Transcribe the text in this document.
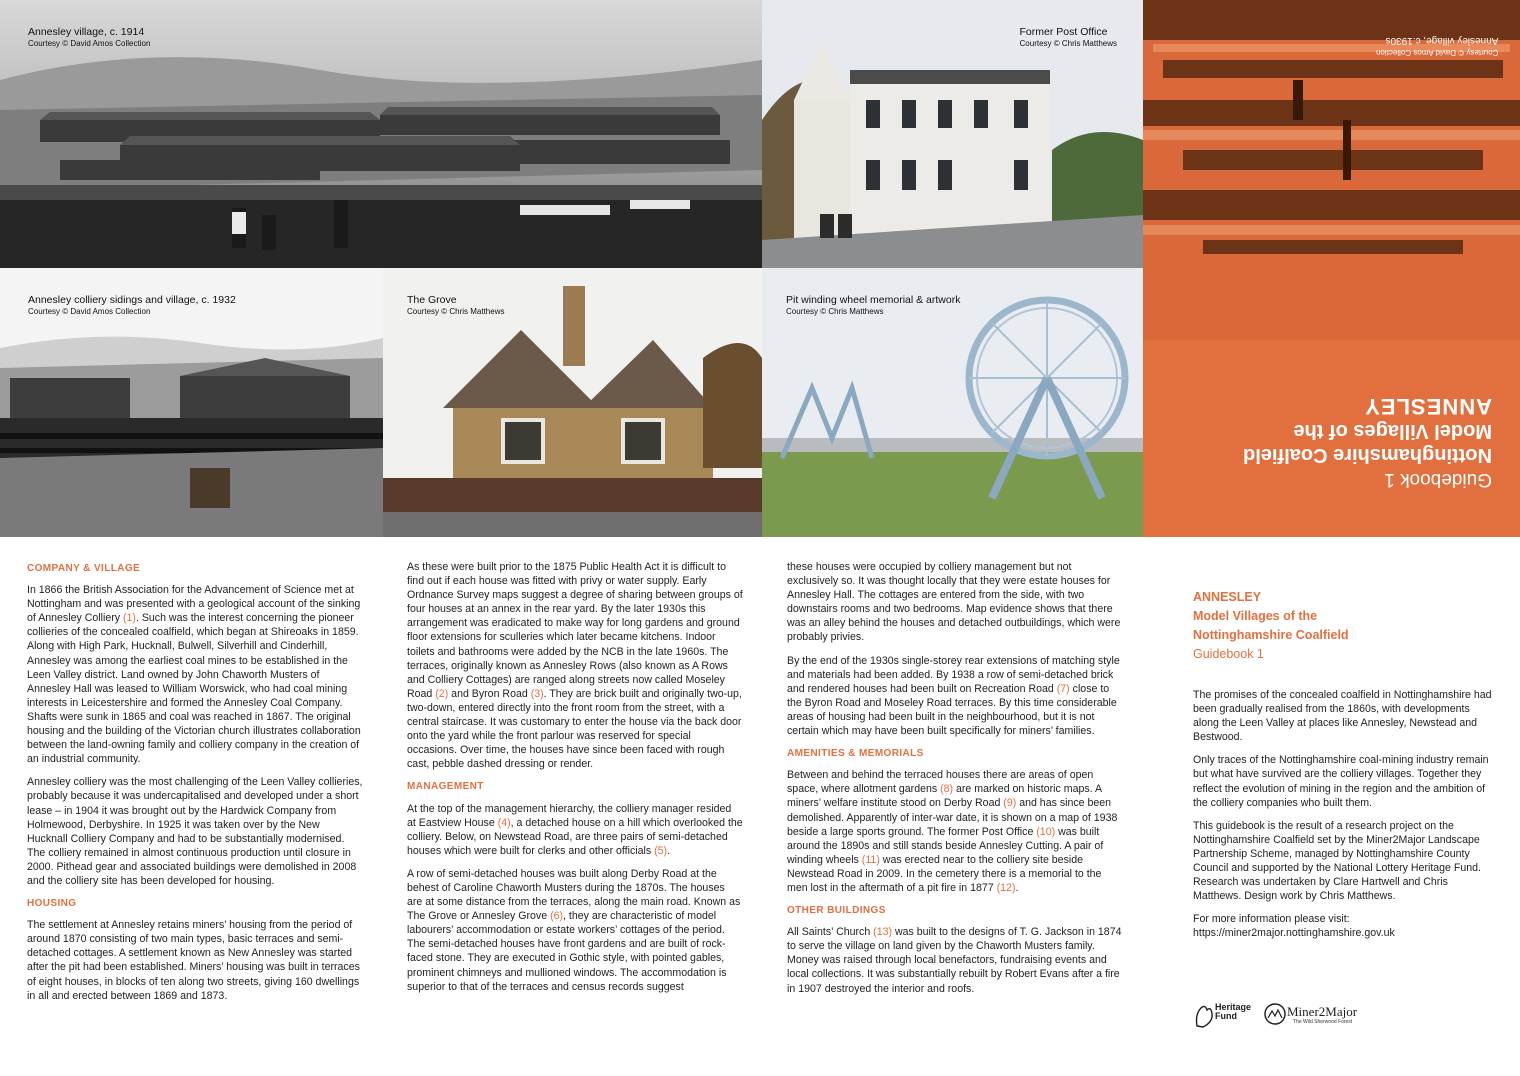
Annesley village, c. 1914
Courtesy © David Amos Collection
Former Post Office
Courtesy © Chris Matthews
Courtesy © David Amos Collection
Annesley village, c.1930s
Guidebook 1
Nottinghamshire Coalfield
Model Villages of the
ANNESLEY
Annesley colliery sidings and village, c. 1932
Courtesy © David Amos Collection
The Grove
Courtesy © Chris Matthews
Pit winding wheel memorial & artwork
Courtesy © Chris Matthews
COMPANY & VILLAGE

In 1866 the British Association for the Advancement of Science met at Nottingham and was presented with a geological account of the sinking of Annesley Colliery (1). Such was the interest concerning the pioneer collieries of the concealed coalfield, which began at Shireoaks in 1859. Along with High Park, Hucknall, Bulwell, Silverhill and Cinderhill, Annesley was among the earliest coal mines to be established in the Leen Valley district. Land owned by John Chaworth Musters of Annesley Hall was leased to William Worswick, who had coal mining interests in Leicestershire and formed the Annesley Coal Company. Shafts were sunk in 1865 and coal was reached in 1867. The original housing and the building of the Victorian church illustrates collaboration between the land-owning family and colliery company in the creation of an industrial community.

Annesley colliery was the most challenging of the Leen Valley collieries, probably because it was undercapitalised and developed under a short lease – in 1904 it was brought out by the Hardwick Company from Holmewood, Derbyshire. In 1925 it was taken over by the New Hucknall Colliery Company and had to be substantially modernised. The colliery remained in almost continuous production until closure in 2000. Pithead gear and associated buildings were demolished in 2008 and the colliery site has been developed for housing.

HOUSING

The settlement at Annesley retains miners’ housing from the period of around 1870 consisting of two main types, basic terraces and semi-detached cottages. A settlement known as New Annesley was started after the pit had been established. Miners’ housing was built in terraces of eight houses, in blocks of ten along two streets, giving 160 dwellings in all and erected between 1869 and 1873.

As these were built prior to the 1875 Public Health Act it is difficult to find out if each house was fitted with privy or water supply. Early Ordnance Survey maps suggest a degree of sharing between groups of four houses at an annex in the rear yard. By the later 1930s this arrangement was eradicated to make way for long gardens and ground floor extensions for sculleries which later became kitchens. Indoor toilets and bathrooms were added by the NCB in the late 1960s. The terraces, originally known as Annesley Rows (also known as A Rows and Colliery Cottages) are ranged along streets now called Moseley Road (2) and Byron Road (3). They are brick built and originally two-up, two-down, entered directly into the front room from the street, with a central staircase. It was customary to enter the house via the back door onto the yard while the front parlour was reserved for special occasions. Over time, the houses have since been faced with rough cast, pebble dashed dressing or render.

MANAGEMENT

At the top of the management hierarchy, the colliery manager resided at Eastview House (4), a detached house on a hill which overlooked the colliery. Below, on Newstead Road, are three pairs of semi-detached houses which were built for clerks and other officials (5).

A row of semi-detached houses was built along Derby Road at the behest of Caroline Chaworth Musters during the 1870s. The houses are at some distance from the terraces, along the main road. Known as The Grove or Annesley Grove (6), they are characteristic of model labourers’ accommodation or estate workers’ cottages of the period. The semi-detached houses have front gardens and are built of rock-faced stone. They are executed in Gothic style, with pointed gables, prominent chimneys and mullioned windows. The accommodation is superior to that of the terraces and census records suggest

these houses were occupied by colliery management but not exclusively so. It was thought locally that they were estate houses for Annesley Hall. The cottages are entered from the side, with two downstairs rooms and two bedrooms. Map evidence shows that there was an alley behind the houses and detached outbuildings, which were probably privies.

By the end of the 1930s single-storey rear extensions of matching style and materials had been added. By 1938 a row of semi-detached brick and rendered houses had been built on Recreation Road (7) close to the Byron Road and Moseley Road terraces. By this time considerable areas of housing had been built in the neighbourhood, but it is not certain which may have been built specifically for miners’ families.

AMENITIES & MEMORIALS

Between and behind the terraced houses there are areas of open space, where allotment gardens (8) are marked on historic maps. A miners’ welfare institute stood on Derby Road (9) and has since been demolished. Apparently of inter-war date, it is shown on a map of 1938 beside a large sports ground. The former Post Office (10) was built around the 1890s and still stands beside Annesley Cutting. A pair of winding wheels (11) was erected near to the colliery site beside Newstead Road in 2009. In the cemetery there is a memorial to the men lost in the aftermath of a pit fire in 1877 (12).

OTHER BUILDINGS

All Saints’ Church (13) was built to the designs of T. G. Jackson in 1874 to serve the village on land given by the Chaworth Musters family. Money was raised through local benefactors, fundraising events and local collections. It was substantially rebuilt by Robert Evans after a fire in 1907 destroyed the interior and roofs.

ANNESLEY
Model Villages of the
Nottinghamshire Coalfield
Guidebook 1

The promises of the concealed coalfield in Nottinghamshire had been gradually realised from the 1860s, with developments along the Leen Valley at places like Annesley, Newstead and Bestwood.

Only traces of the Nottinghamshire coal-mining industry remain but what have survived are the colliery villages. Together they reflect the evolution of mining in the region and the ambition of the colliery companies who built them.

This guidebook is the result of a research project on the Nottinghamshire Coalfield set by the Miner2Major Landscape Partnership Scheme, managed by Nottinghamshire County Council and supported by the National Lottery Heritage Fund. Research was undertaken by Clare Hartwell and Chris Matthews. Design work by Chris Matthews.

For more information please visit:
https://miner2major.nottinghamshire.gov.uk

Heritage
Fund	Miner2Major
The Wild Sherwood Forest
